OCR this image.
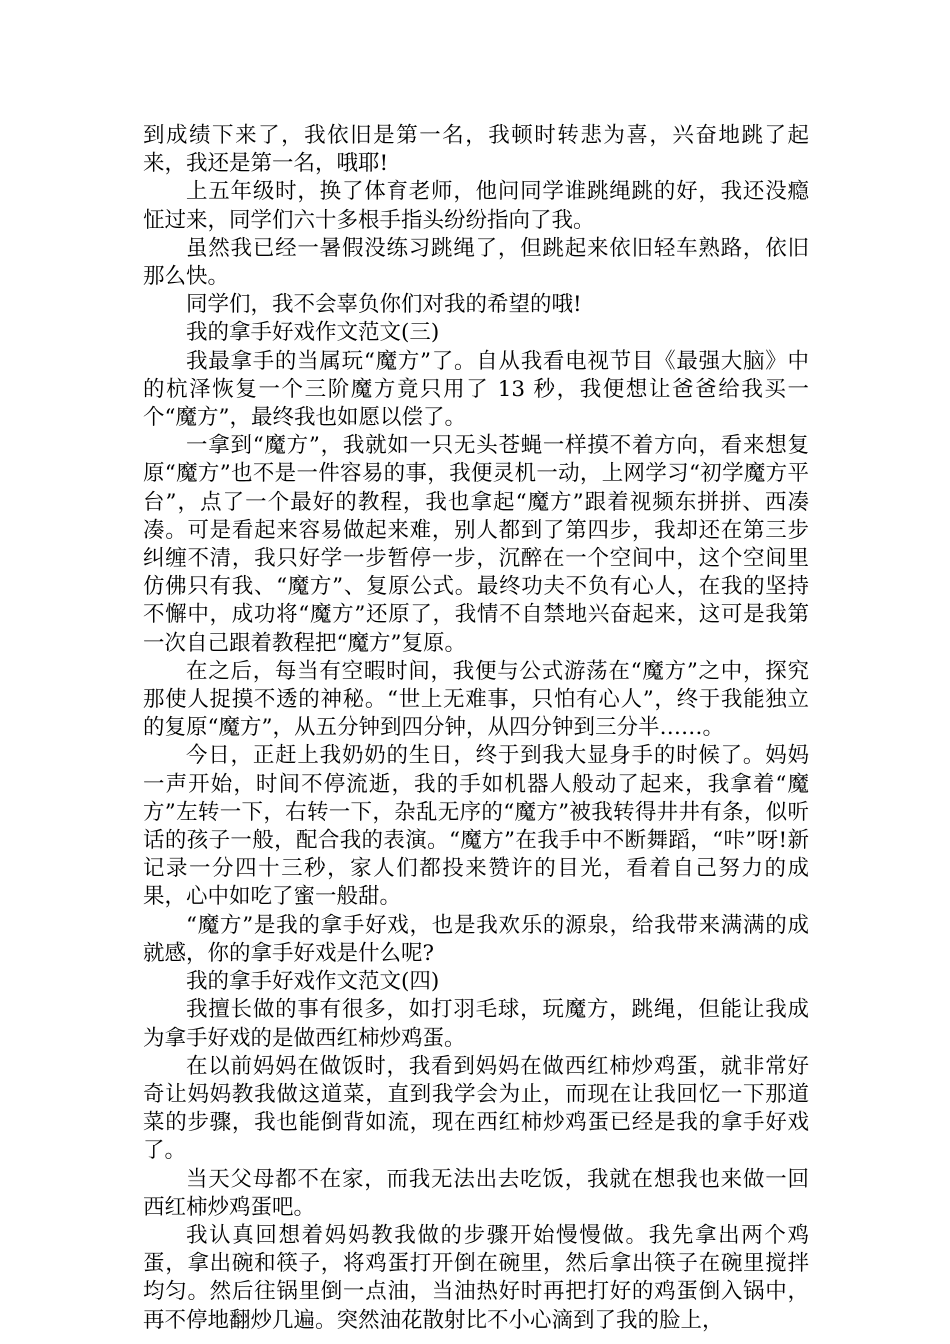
到成绩下来了，我依旧是第一名，我顿时转悲为喜，兴奋地跳了起来，我还是第一名，哦耶!

上五年级时，换了体育老师，他问同学谁跳绳跳的好，我还没瘾怔过来，同学们六十多根手指头纷纷指向了我。

虽然我已经一暑假没练习跳绳了，但跳起来依旧轻车熟路，依旧那么快。

同学们，我不会辜负你们对我的希望的哦!

我的拿手好戏作文范文(三)

我最拿手的当属玩“魔方”了。自从我看电视节目《最强大脑》中的杭泽恢复一个三阶魔方竟只用了 13 秒，我便想让爸爸给我买一个“魔方”，最终我也如愿以偿了。

一拿到“魔方”，我就如一只无头苍蝇一样摸不着方向，看来想复原“魔方”也不是一件容易的事，我便灵机一动，上网学习“初学魔方平台”，点了一个最好的教程，我也拿起“魔方”跟着视频东拼拼、西凑凑。可是看起来容易做起来难，别人都到了第四步，我却还在第三步纠缠不清，我只好学一步暂停一步，沉醉在一个空间中，这个空间里仿佛只有我、“魔方”、复原公式。最终功夫不负有心人，在我的坚持不懈中，成功将“魔方”还原了，我情不自禁地兴奋起来，这可是我第一次自己跟着教程把“魔方”复原。

在之后，每当有空暇时间，我便与公式游荡在“魔方”之中，探究那使人捉摸不透的神秘。“世上无难事，只怕有心人”，终于我能独立的复原“魔方”，从五分钟到四分钟，从四分钟到三分半……。

今日，正赶上我奶奶的生日，终于到我大显身手的时候了。妈妈一声开始，时间不停流逝，我的手如机器人般动了起来，我拿着“魔方”左转一下，右转一下，杂乱无序的“魔方”被我转得井井有条，似听话的孩子一般，配合我的表演。“魔方”在我手中不断舞蹈，“咔”呀!新记录一分四十三秒，家人们都投来赞许的目光，看着自己努力的成果，心中如吃了蜜一般甜。

“魔方”是我的拿手好戏，也是我欢乐的源泉，给我带来满满的成就感，你的拿手好戏是什么呢?

我的拿手好戏作文范文(四)

我擅长做的事有很多，如打羽毛球，玩魔方，跳绳，但能让我成为拿手好戏的是做西红柿炒鸡蛋。

在以前妈妈在做饭时，我看到妈妈在做西红柿炒鸡蛋，就非常好奇让妈妈教我做这道菜，直到我学会为止，而现在让我回忆一下那道菜的步骤，我也能倒背如流，现在西红柿炒鸡蛋已经是我的拿手好戏了。

当天父母都不在家，而我无法出去吃饭，我就在想我也来做一回西红柿炒鸡蛋吧。

我认真回想着妈妈教我做的步骤开始慢慢做。我先拿出两个鸡蛋，拿出碗和筷子，将鸡蛋打开倒在碗里，然后拿出筷子在碗里搅拌均匀。然后往锅里倒一点油，当油热好时再把打好的鸡蛋倒入锅中，再不停地翻炒几遍。突然油花散射比不小心滴到了我的脸上，
